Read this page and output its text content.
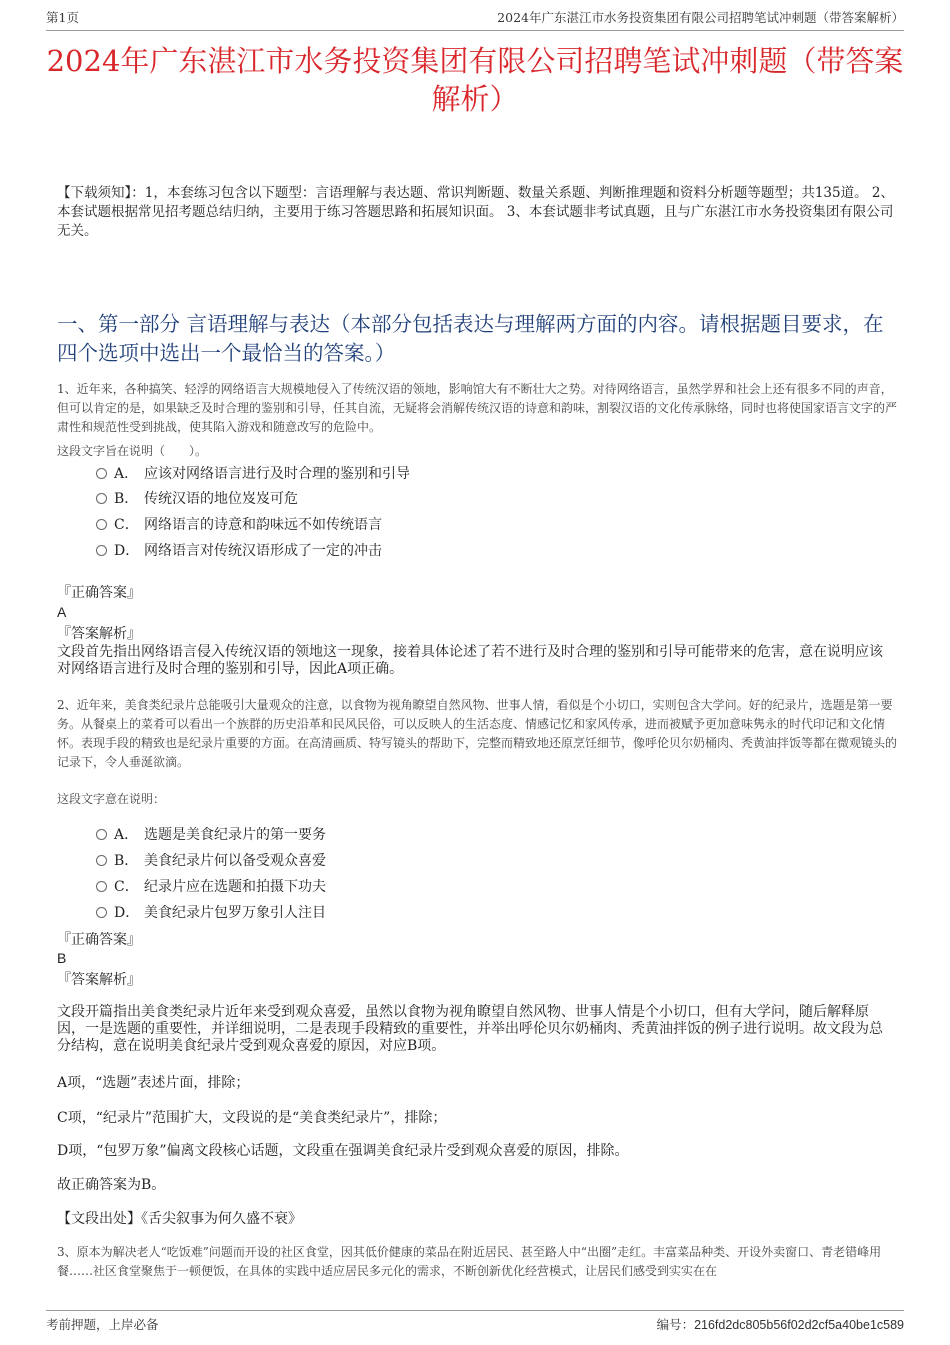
第1页	2024年广东湛江市水务投资集团有限公司招聘笔试冲刺题（带答案解析）
2024年广东湛江市水务投资集团有限公司招聘笔试冲刺题（带答案解析）
【下载须知】：1，本套练习包含以下题型：言语理解与表达题、常识判断题、数量关系题、判断推理题和资料分析题等题型；共135道。 2、本套试题根据常见招考题总结归纳，主要用于练习答题思路和拓展知识面。 3、本套试题非考试真题，且与广东湛江市水务投资集团有限公司无关。
一、第一部分 言语理解与表达（本部分包括表达与理解两方面的内容。请根据题目要求，在四个选项中选出一个最恰当的答案。）
1、近年来，各种搞笑、轻浮的网络语言大规模地侵入了传统汉语的领地，影响馆大有不断壮大之势。对待网络语言，虽然学界和社会上还有很多不同的声音，但可以肯定的是，如果缺乏及时合理的鉴别和引导，任其自流，无疑将会消解传统汉语的诗意和韵味，割裂汉语的文化传承脉络，同时也将使国家语言文字的严肃性和规范性受到挑战，使其陷入游戏和随意改写的危险中。
这段文字旨在说明（　　）。
A． 应该对网络语言进行及时合理的鉴别和引导
B． 传统汉语的地位岌岌可危
C． 网络语言的诗意和韵味远不如传统语言
D． 网络语言对传统汉语形成了一定的冲击
『正确答案』
A
『答案解析』
文段首先指出网络语言侵入传统汉语的领地这一现象，接着具体论述了若不进行及时合理的鉴别和引导可能带来的危害，意在说明应该对网络语言进行及时合理的鉴别和引导，因此A项正确。
2、近年来，美食类纪录片总能吸引大量观众的注意，以食物为视角瞭望自然风物、世事人情，看似是个小切口，实则包含大学问。好的纪录片，选题是第一要务。从餐桌上的菜肴可以看出一个族群的历史沿革和民风民俗，可以反映人的生活态度、情感记忆和家风传承，进而被赋予更加意味隽永的时代印记和文化情怀。表现手段的精致也是纪录片重要的方面。在高清画质、特写镜头的帮助下，完整而精致地还原烹饪细节，像呼伦贝尔奶桶肉、秃黄油拌饭等都在微观镜头的记录下，令人垂涎欲滴。
这段文字意在说明：
A． 选题是美食纪录片的第一要务
B． 美食纪录片何以备受观众喜爱
C． 纪录片应在选题和拍摄下功夫
D． 美食纪录片包罗万象引人注目
『正确答案』
B
『答案解析』
文段开篇指出美食类纪录片近年来受到观众喜爱，虽然以食物为视角瞭望自然风物、世事人情是个小切口，但有大学问，随后解释原因，一是选题的重要性，并详细说明，二是表现手段精致的重要性，并举出呼伦贝尔奶桶肉、秃黄油拌饭的例子进行说明。故文段为总分结构，意在说明美食纪录片受到观众喜爱的原因，对应B项。
A项，“选题”表述片面，排除；
C项，“纪录片”范围扩大，文段说的是“美食类纪录片”，排除；
D项，“包罗万象”偏离文段核心话题，文段重在强调美食纪录片受到观众喜爱的原因，排除。
故正确答案为B。
【文段出处】《舌尖叙事为何久盛不衰》
3、原本为解决老人“吃饭难”问题而开设的社区食堂，因其低价健康的菜品在附近居民、甚至路人中“出圈”走红。丰富菜品种类、开设外卖窗口、青老错峰用餐……社区食堂聚焦于一顿便饭，在具体的实践中适应居民多元化的需求，不断创新优化经营模式，让居民们感受到实实在在
考前押题，上岸必备	编号：216fd2dc805b56f02d2cf5a40be1c589
